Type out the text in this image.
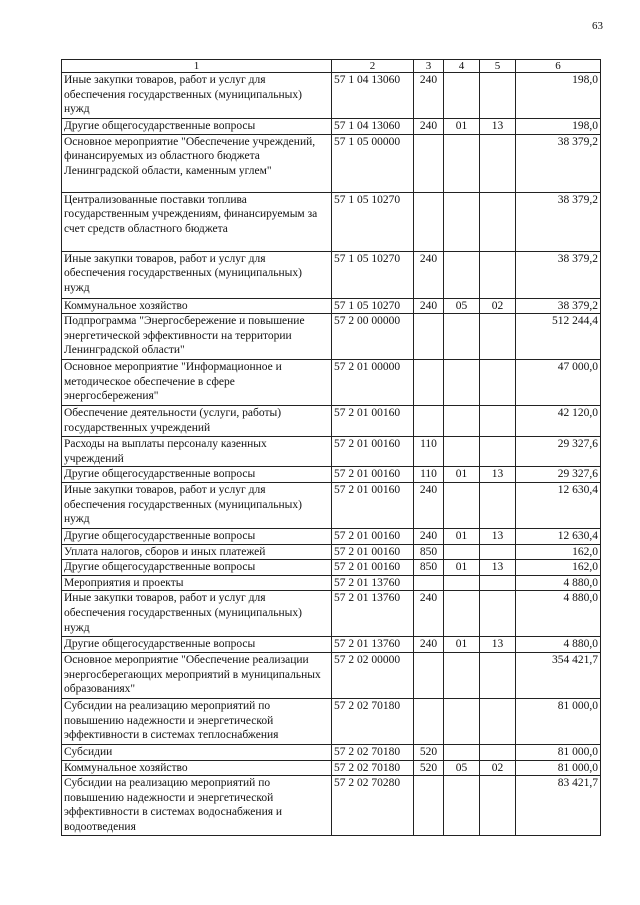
63
1	2	3	4	5	6
Иные закупки товаров, работ и услуг для обеспечения государственных (муниципальных) нужд	57 1 04 13060	240			198,0
Другие общегосударственные вопросы	57 1 04 13060	240	01	13	198,0
Основное мероприятие "Обеспечение учреждений, финансируемых из областного бюджета Ленинградской области, каменным углем"	57 1 05 00000				38 379,2
Централизованные поставки топлива государственным учреждениям, финансируемым за счет средств областного бюджета	57 1 05 10270				38 379,2
Иные закупки товаров, работ и услуг для обеспечения государственных (муниципальных) нужд	57 1 05 10270	240			38 379,2
Коммунальное хозяйство	57 1 05 10270	240	05	02	38 379,2
Подпрограмма "Энергосбережение и повышение энергетической эффективности на территории Ленинградской области"	57 2 00 00000				512 244,4
Основное мероприятие "Информационное и методическое обеспечение в сфере энергосбережения"	57 2 01 00000				47 000,0
Обеспечение деятельности (услуги, работы) государственных учреждений	57 2 01 00160				42 120,0
Расходы на выплаты персоналу казенных учреждений	57 2 01 00160	110			29 327,6
Другие общегосударственные вопросы	57 2 01 00160	110	01	13	29 327,6
Иные закупки товаров, работ и услуг для обеспечения государственных (муниципальных) нужд	57 2 01 00160	240			12 630,4
Другие общегосударственные вопросы	57 2 01 00160	240	01	13	12 630,4
Уплата налогов, сборов и иных платежей	57 2 01 00160	850			162,0
Другие общегосударственные вопросы	57 2 01 00160	850	01	13	162,0
Мероприятия и проекты	57 2 01 13760				4 880,0
Иные закупки товаров, работ и услуг для обеспечения государственных (муниципальных) нужд	57 2 01 13760	240			4 880,0
Другие общегосударственные вопросы	57 2 01 13760	240	01	13	4 880,0
Основное мероприятие "Обеспечение реализации энергосберегающих мероприятий в муниципальных образованиях"	57 2 02 00000				354 421,7
Субсидии на реализацию мероприятий по повышению надежности и энергетической эффективности в системах теплоснабжения	57 2 02 70180				81 000,0
Субсидии	57 2 02 70180	520			81 000,0
Коммунальное хозяйство	57 2 02 70180	520	05	02	81 000,0
Субсидии на реализацию мероприятий по повышению надежности и энергетической эффективности в системах водоснабжения и водоотведения	57 2 02 70280				83 421,7
